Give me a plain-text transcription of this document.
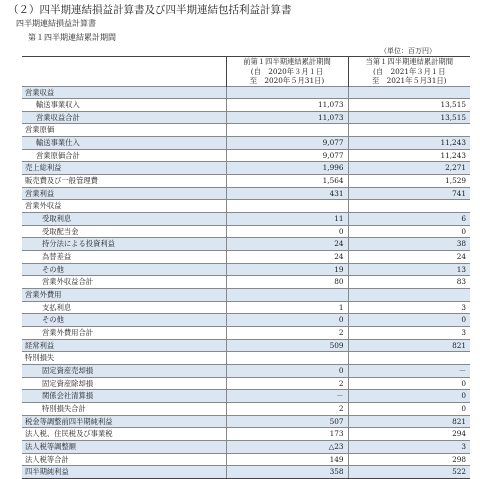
（２）四半期連結損益計算書及び四半期連結包括利益計算書
四半期連結損益計算書
第１四半期連結累計期間
（単位：百万円）
	前第１四半期連結累計期間	当第１四半期連結累計期間
	(自　2020年３月１日	(自　2021年３月１日
	至　2020年５月31日)	至　2021年５月31日)
営業収益		
輸送事業収入	11,073	13,515
営業収益合計	11,073	13,515
営業原価		
輸送事業仕入	9,077	11,243
営業原価合計	9,077	11,243
売上総利益	1,996	2,271
販売費及び一般管理費	1,564	1,529
営業利益	431	741
営業外収益		
受取利息	11	6
受取配当金	0	0
持分法による投資利益	24	38
為替差益	24	24
その他	19	13
営業外収益合計	80	83
営業外費用		
支払利息	1	3
その他	0	0
営業外費用合計	2	3
経常利益	509	821
特別損失		
固定資産売却損	0	－
固定資産除却損	2	0
関係会社清算損	－	0
特別損失合計	2	0
税金等調整前四半期純利益	507	821
法人税、住民税及び事業税	173	294
法人税等調整額	△23	3
法人税等合計	149	298
四半期純利益	358	522
